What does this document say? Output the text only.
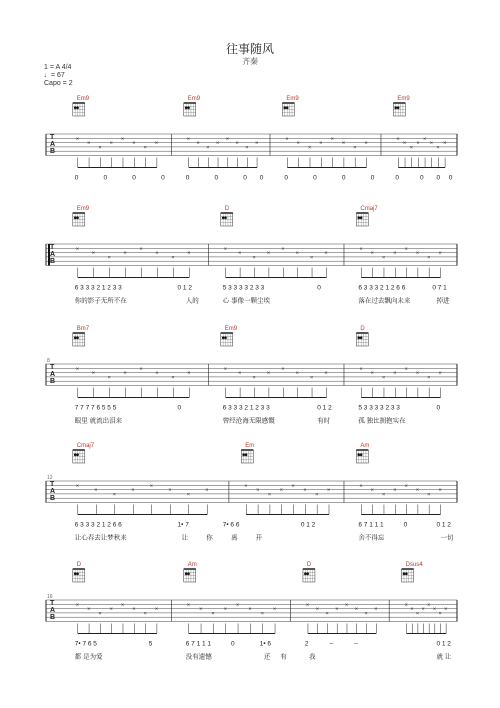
往事随风
齐秦
1 = A 4/4
♩= 67
Capo = 2
Em9	Em9	Em9	Em9
T
A
B
×
×
×
×
×
×
×
×
×
×
×
×
×
×
×
×
×
×
×
×
×
×
×
×
×
×
×
×
×
×
×
×
0	0	0	0	0	0	0 0	0	0	0	0	0	0 0 0
Em9	D	Cmaj7
T
A
B
×
×
×
×
×
×
×
×
×
×
×
×
×
×
×
×
×
×
×
×
×
×
×
×
6 3 3 3 2 1 2 3 3	0 1 2	5 3 3 3 3 2 3 3	0	6 3 3 3 2 1 2 6 6	0 7 1
你的影子无所不在	人的	心 事像一颗尘埃	落在过去飘向未来	掉进
Bm7	Em9	D
T
A
B
8
×
×
×
×
×
×
×
×
×
×
×
×
×
×
×
×
×
×
×
×
×
×
×
×
7 7 7 7 6 5 5 5	0	6 3 3 3 2 1 2 3 3	0 1 2	5 3 3 3 3 2 3 3	0
眼里 就流出泪来	曾经沧海无限感慨	有时	孤 独比拥抱实在
Cmaj7	Em	Am
T
A
B
12
×
×
×
×
×
×
×
×
×
×
×
×
×
×
×
×
×
×
×
×
×
×
×
×
6 3 3 3 2 1 2 6 6	1• 7	7• 6 6	0 1 2	6 7 1 1 1	0	0 1 2
让心春去让梦秋来	让	你	离	开	舍不得忘	一切
D	Am	D	Dsus4
T
A
B
16
×
×
×
×
×
×
×
×
×
×
×
×
×
×
×
×
×
×
×
×
×
×
×
×
×
×
×
×
×
×
×
×
7• 7 6 5	5	6 7 1 1 1	0	1• 6	2	–	–	0 1 2
都 是为爱	没有遗憾	还 有	我	就 让
